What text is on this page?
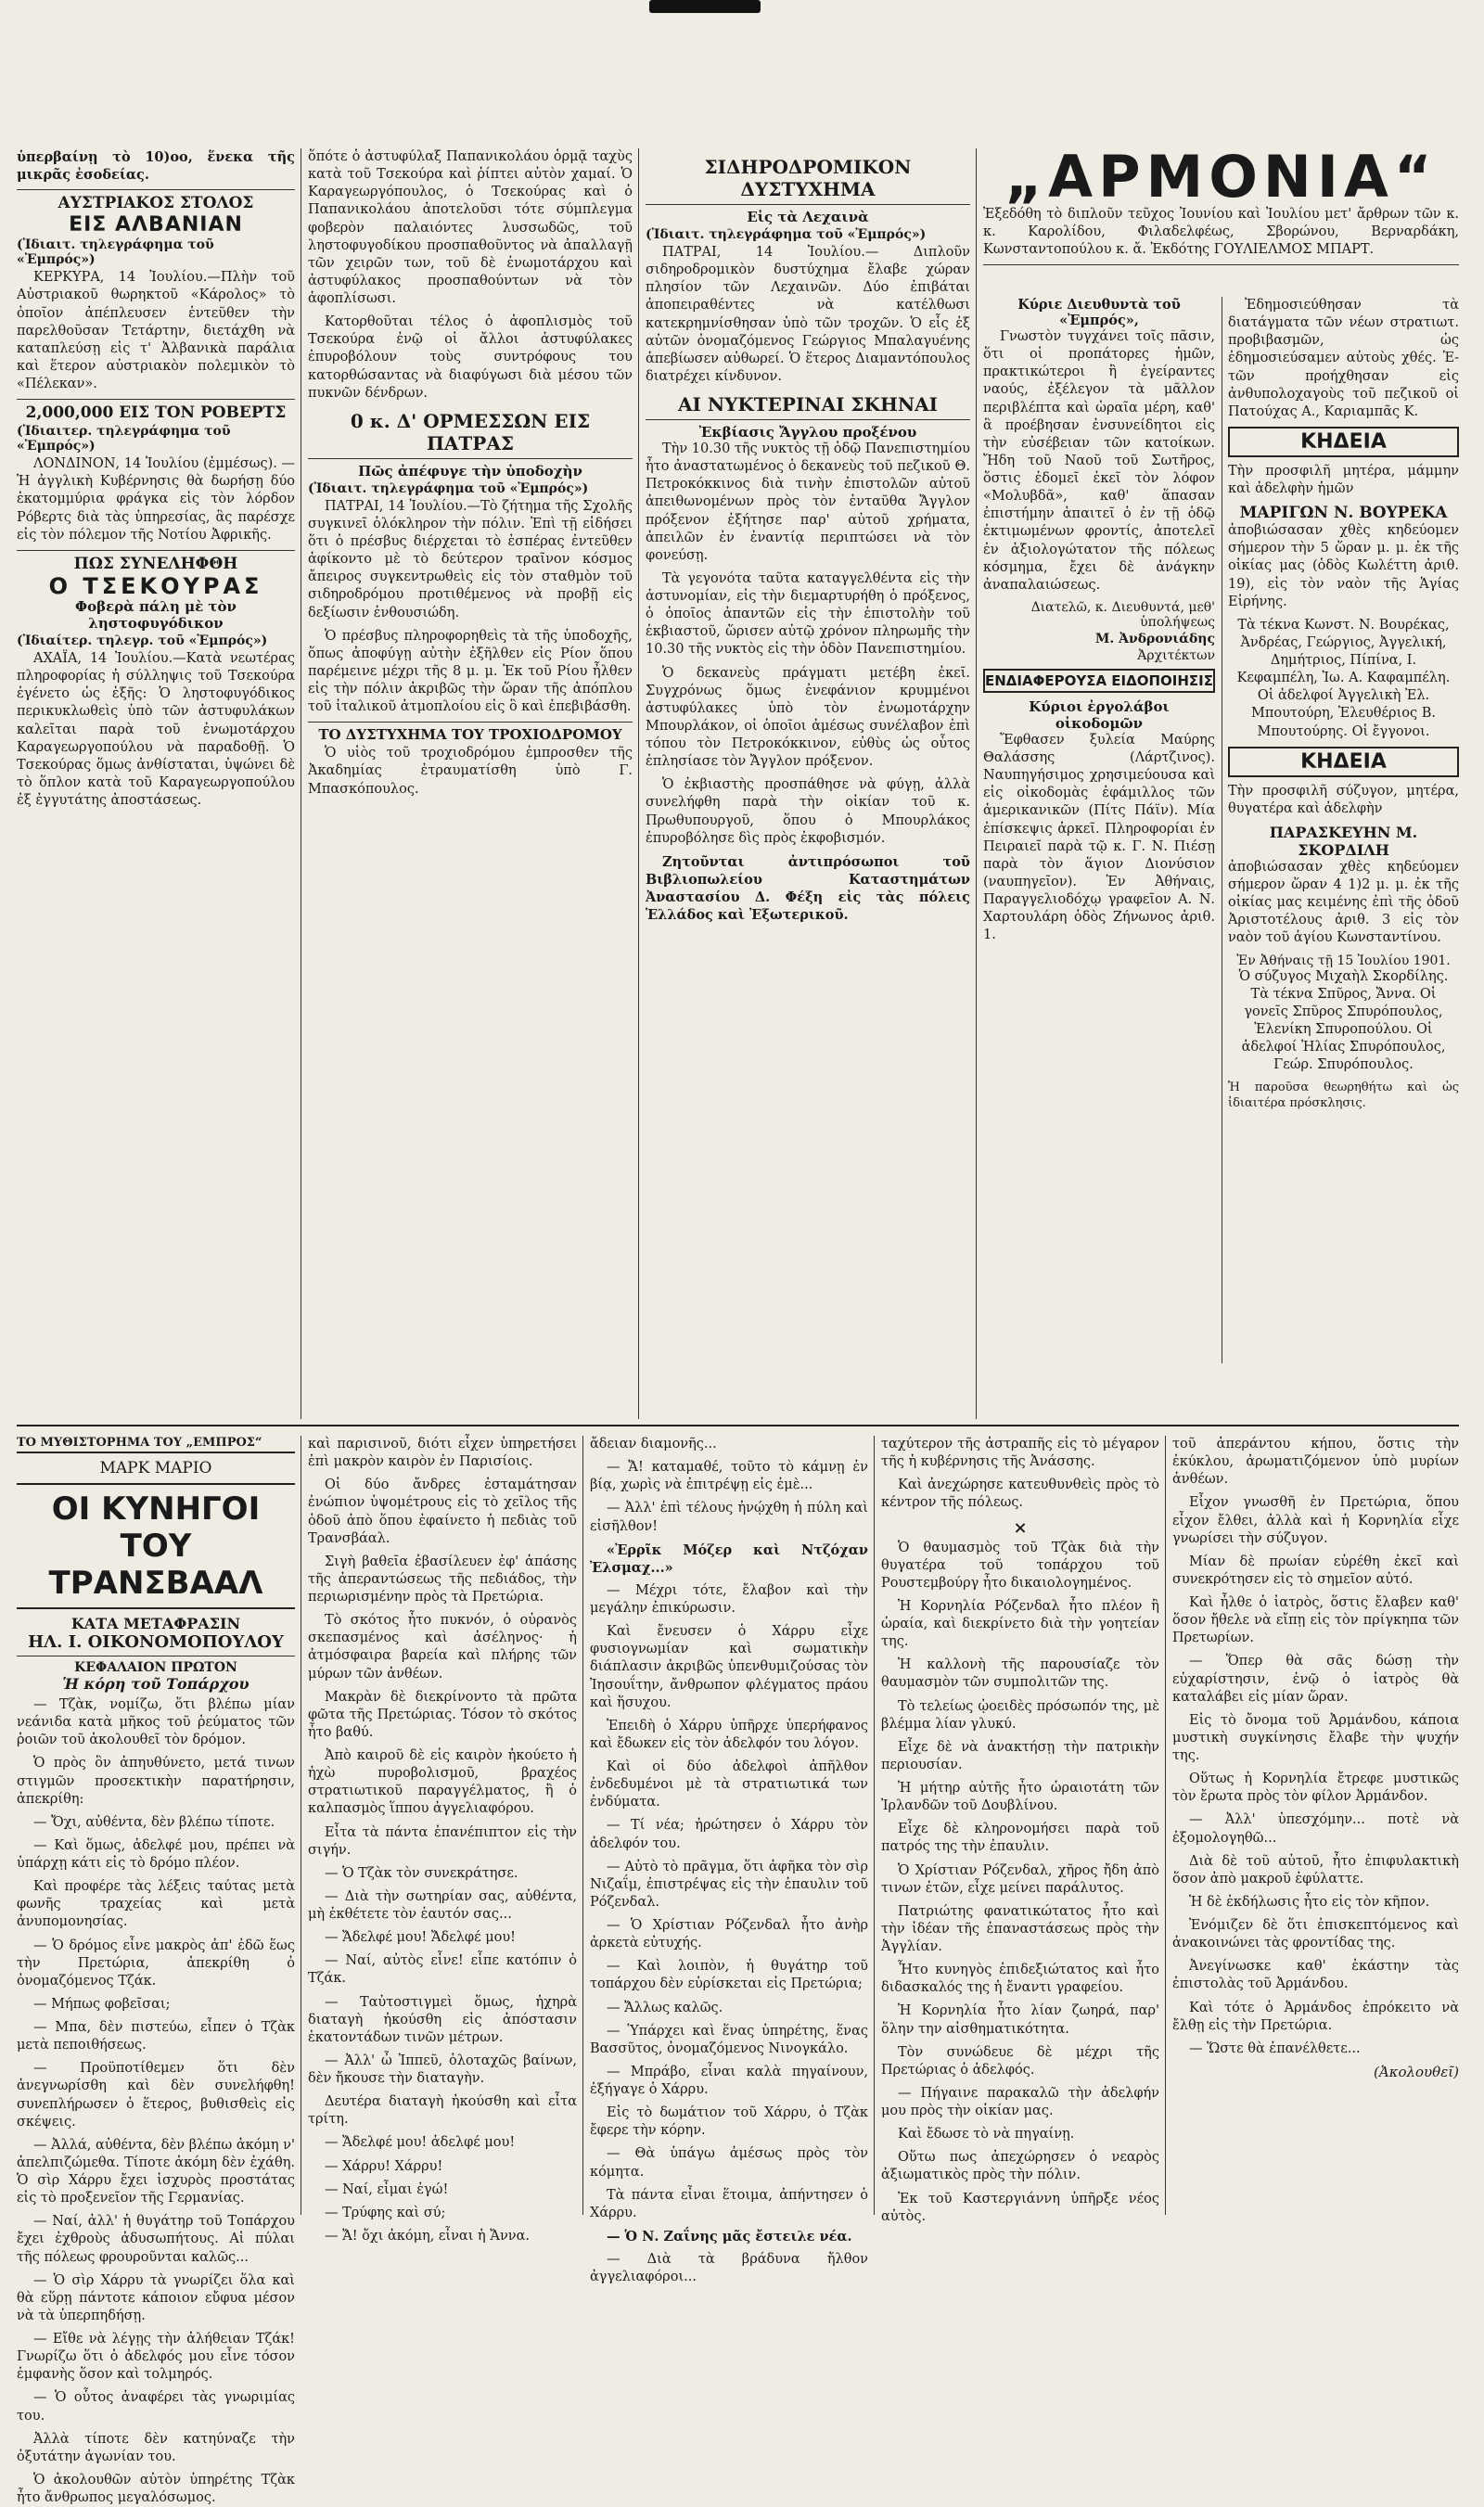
ὑπερβαίνῃ τὸ 10)οο, ἕνεκα τῆς μικρᾶς ἐσοδείας.

ΑΥΣΤΡΙΑΚΟΣ ΣΤΟΛΟΣ
ΕΙΣ ΑΛΒΑΝΙΑΝ
(Ἰδιαιτ. τηλεγράφημα τοῦ «Ἐμπρός»)

ΚΕΡΚΥΡΑ, 14 Ἰουλίου.—Πλὴν τοῦ Αὐστριακοῦ θωρηκτοῦ «Κάρολος» τὸ ὁποῖον ἀπέπλευσεν ἐντεῦθεν τὴν παρελθοῦσαν Τετάρτην, διετάχθη νὰ καταπλεύσῃ εἰς τ' Ἀλβανικὰ παράλια καὶ ἕτερον αὐστριακὸν πολεμικὸν τὸ «Πέλεκαν».

2,000,000 ΕΙΣ ΤΟΝ ΡΟΒΕΡΤΣ
(Ἰδιαιτερ. τηλεγράφημα τοῦ «Ἐμπρός»)

ΛΟΝΔΙΝΟΝ, 14 Ἰουλίου (ἐμμέσως). — Ἡ ἀγγλικὴ Κυβέρνησις θὰ δωρήσῃ δύο ἑκατομμύρια φράγκα εἰς τὸν λόρδον Ρόβερτς διὰ τὰς ὑπηρεσίας, ἃς παρέσχε εἰς τὸν πόλεμον τῆς Νοτίου Ἀφρικῆς.

ΠΩΣ ΣΥΝΕΛΗΦΘΗ
Ο ΤΣΕΚΟΥΡΑΣ
Φοβερὰ πάλη μὲ τὸν ληστοφυγόδικον
(Ἰδιαίτερ. τηλεγρ. τοῦ «Ἐμπρός»)

ΑΧΑΪΑ, 14 Ἰουλίου.—Κατὰ νεωτέρας πληροφορίας ἡ σύλληψις τοῦ Τσεκούρα ἐγένετο ὡς ἑξῆς: Ὁ ληστοφυγόδικος περικυκλωθεὶς ὑπὸ τῶν ἀστυφυλάκων καλεῖται παρὰ τοῦ ἐνωμοτάρχου Καραγεωργοπούλου νὰ παραδοθῇ. Ὁ Τσεκούρας ὅμως ἀνθίσταται, ὑψώνει δὲ τὸ ὅπλον κατὰ τοῦ Καραγεωργοπούλου ἐξ ἐγγυτάτης ἀποστάσεως.

ὅπότε ὁ ἀστυφύλαξ Παπανικολάου ὁρμᾷ ταχὺς κατὰ τοῦ Τσεκούρα καὶ ῥίπτει αὐτὸν χαμαί. Ὁ Καραγεωργόπουλος, ὁ Τσεκούρας καὶ ὁ Παπανικολάου ἀποτελοῦσι τότε σύμπλεγμα φοβερὸν παλαιόντες λυσσωδῶς, τοῦ ληστοφυγοδίκου προσπαθοῦντος νὰ ἀπαλλαγῇ τῶν χειρῶν των, τοῦ δὲ ἐνωμοτάρχου καὶ ἀστυφύλακος προσπαθούντων νὰ τὸν ἀφοπλίσωσι.

Κατορθοῦται τέλος ὁ ἀφοπλισμὸς τοῦ Τσεκούρα ἐνῷ οἱ ἄλλοι ἀστυφύλακες ἐπυροβόλουν τοὺς συντρόφους του κατορθώσαντας νὰ διαφύγωσι διὰ μέσου τῶν πυκνῶν δένδρων.

0 κ. Δ' ΟΡΜΕΣΣΩΝ ΕΙΣ ΠΑΤΡΑΣ
Πῶς ἀπέφυγε τὴν ὑποδοχὴν
(Ἰδιαιτ. τηλεγράφημα τοῦ «Ἐμπρός»)

ΠΑΤΡΑΙ, 14 Ἰουλίου.—Τὸ ζήτημα τῆς Σχολῆς συγκινεῖ ὁλόκληρον τὴν πόλιν. Ἐπὶ τῇ εἰδήσει ὅτι ὁ πρέσβυς διέρχεται τὸ ἑσπέρας ἐντεῦθεν ἀφίκοντο μὲ τὸ δεύτερον τραῖνον κόσμος ἄπειρος συγκεντρωθεὶς εἰς τὸν σταθμὸν τοῦ σιδηροδρόμου προτιθέμενος νὰ προβῇ εἰς δεξίωσιν ἐνθουσιώδη.

Ὁ πρέσβυς πληροφορηθεὶς τὰ τῆς ὑποδοχῆς, ὅπως ἀποφύγῃ αὐτὴν ἐξῆλθεν εἰς Ρίον ὅπου παρέμεινε μέχρι τῆς 8 μ. μ. Ἐκ τοῦ Ρίου ἦλθεν εἰς τὴν πόλιν ἀκριβῶς τὴν ὥραν τῆς ἀπόπλου τοῦ ἰταλικοῦ ἀτμοπλοίου εἰς ὃ καὶ ἐπεβιβάσθη.

ΤΟ ΔΥΣΤΥΧΗΜΑ ΤΟΥ ΤΡΟΧΙΟΔΡΟΜΟΥ

Ὁ υἱὸς τοῦ τροχιοδρόμου ἐμπροσθεν τῆς Ἀκαδημίας ἐτραυματίσθη ὑπὸ Γ. Μπασκόπουλος.

ΣΙΔΗΡΟΔΡΟΜΙΚΟΝ ΔΥΣΤΥΧΗΜΑ
Εἰς τὰ Λεχαινὰ
(Ἰδιαιτ. τηλεγράφημα τοῦ «Ἐμπρός»)

ΠΑΤΡΑΙ, 14 Ἰουλίου.— Διπλοῦν σιδηροδρομικὸν δυστύχημα ἔλαβε χώραν πλησίον τῶν Λεχαινῶν. Δύο ἐπιβάται ἀποπειραθέντες νὰ κατέλθωσι κατεκρημνίσθησαν ὑπὸ τῶν τροχῶν. Ὁ εἷς ἐξ αὐτῶν ὀνομαζόμενος Γεώργιος Μπαλαγυένης ἀπεβίωσεν αὐθωρεί. Ὁ ἕτερος Διαμαντόπουλος διατρέχει κίνδυνον.

ΑΙ ΝΥΚΤΕΡΙΝΑΙ ΣΚΗΝΑΙ
Ἐκβίασις Ἄγγλου προξένου

Τὴν 10.30 τῆς νυκτὸς τῇ ὁδῷ Πανεπιστημίου ἦτο ἀναστατωμένος ὁ δεκανεὺς τοῦ πεζικοῦ Θ. Πετροκόκκινος διὰ τινὴν ἐπιστολῶν αὐτοῦ ἀπειθωνομένων πρὸς τὸν ἐνταῦθα Ἄγγλον πρόξενον ἐξήτησε παρ' αὐτοῦ χρήματα, ἀπειλῶν ἐν ἐναντίᾳ περιπτώσει νὰ τὸν φονεύσῃ.

Τὰ γεγονότα ταῦτα καταγγελθέντα εἰς τὴν ἀστυνομίαν, εἰς τὴν διεμαρτυρήθη ὁ πρόξενος, ὁ ὁποῖος ἀπαντῶν εἰς τὴν ἐπιστολὴν τοῦ ἐκβιαστοῦ, ὥρισεν αὐτῷ χρόνον πληρωμῆς τὴν 10.30 τῆς νυκτὸς εἰς τὴν ὁδὸν Πανεπιστημίου.

Ὁ δεκανεὺς πράγματι μετέβη ἐκεῖ. Συγχρόνως ὅμως ἐνεφάνιον κρυμμένοι ἀστυφύλακες ὑπὸ τὸν ἐνωμοτάρχην Μπουρλάκον, οἱ ὁποῖοι ἀμέσως συνέλαβον ἐπὶ τόπου τὸν Πετροκόκκινον, εὐθὺς ὡς οὗτος ἐπλησίασε τὸν Ἄγγλον πρόξενον.

Ὁ ἐκβιαστὴς προσπάθησε νὰ φύγῃ, ἀλλὰ συνελήφθη παρὰ τὴν οἰκίαν τοῦ κ. Πρωθυπουργοῦ, ὅπου ὁ Μπουρλάκος ἐπυροβόλησε δὶς πρὸς ἐκφοβισμόν.

Ζητοῦνται ἀντιπρόσωποι τοῦ Βιβλιοπωλείου Καταστημάτων Ἀναστασίου Δ. Φέξη εἰς τὰς πόλεις Ἑλλάδος καὶ Ἐξωτερικοῦ.

„ΑΡΜΟΝΙΑ“

Ἐξεδόθη τὸ διπλοῦν τεῦχος Ἰουνίου καὶ Ἰουλίου μετ' ἄρθρων τῶν κ. κ. Καρολίδου, Φιλαδελφέως, Σβορώνου, Βερναρδάκη, Κωνσταντοπούλου κ. ἄ. Ἐκδότης ΓΟΥΛΙΕΛΜΟΣ ΜΠΑΡΤ.

Κύριε Διευθυντὰ τοῦ «Ἐμπρός»,

Γνωστὸν τυγχάνει τοῖς πᾶσιν, ὅτι οἱ προπάτορες ἡμῶν, πρακτικώτεροι ἢ ἐγείραντες ναούς, ἐξέλεγον τὰ μᾶλλον περιβλέπτα καὶ ὡραῖα μέρη, καθ' ἃ προέβησαν ἐνσυνείδητοι εἰς τὴν εὐσέβειαν τῶν κατοίκων. Ἤδη τοῦ Ναοῦ τοῦ Σωτῆρος, ὅστις ἐδομεῖ ἐκεῖ τὸν λόφον «Μολυβδᾶ», καθ' ἅπασαν ἐπιστήμην ἀπαιτεῖ ὁ ἐν τῇ ὁδῷ ἐκτιμωμένων φροντίς, ἀποτελεῖ ἐν ἀξιολογώτατον τῆς πόλεως κόσμημα, ἔχει δὲ ἀνάγκην ἀναπαλαιώσεως.

Διατελῶ, κ. Διευθυντά, μεθ' ὑπολήψεως
Μ. Ἀνδρονιάδης
Ἀρχιτέκτων
ΕΝΔΙΑΦΕΡΟΥΣΑ ΕΙΔΟΠΟΙΗΣΙΣ
Κύριοι ἐργολάβοι οἰκοδομῶν

Ἔφθασεν ξυλεία Μαύρης Θαλάσσης (Λάρτζινος). Ναυπηγήσιμος χρησιμεύουσα καὶ εἰς οἰκοδομὰς ἐφάμιλλος τῶν ἀμερικανικῶν (Πίτς Πάϊν). Μία ἐπίσκεψις ἀρκεῖ. Πληροφορίαι ἐν Πειραιεῖ παρὰ τῷ κ. Γ. Ν. Πιέσῃ παρὰ τὸν ἅγιον Διονύσιον (ναυπηγεῖον). Ἐν Ἀθήναις, Παραγγελιοδόχῳ γραφεῖον Α. Ν. Χαρτουλάρη ὁδὸς Ζήνωνος ἀριθ. 1.

Ἐδημοσιεύθησαν τὰ διατάγματα τῶν νέων στρατιωτ. προβιβασμῶν, ὡς ἐδημοσιεύσαμεν αὐτοὺς χθές. Ἐ-τῶν προήχθησαν εἰς ἀνθυπολοχαγοὺς τοῦ πεζικοῦ οἱ Πατούχας Α., Καριαμπᾶς Κ.

ΚΗΔΕΙΑ

Τὴν προσφιλῆ μητέρα, μάμμην καὶ ἀδελφὴν ἡμῶν

ΜΑΡΙΓΩΝ Ν. ΒΟΥΡΕΚΑ

ἀποβιώσασαν χθὲς κηδεύομεν σήμερον τὴν 5 ὥραν μ. μ. ἐκ τῆς οἰκίας μας (ὁδὸς Κωλέττη ἀριθ. 19), εἰς τὸν ναὸν τῆς Ἁγίας Εἰρήνης.

Τὰ τέκνα Κωνστ. Ν. Βουρέκας, Ἀνδρέας, Γεώργιος, Ἀγγελική, Δημήτριος, Πίπίνα, Ι. Κεφαμπέλη, Ἰω. Α. Καφαμπέλη. Οἱ ἀδελφοί Ἀγγελικὴ Ἐλ. Μπουτούρη, Ἐλευθέριος Β. Μπουτούρης. Οἱ ἔγγονοι.

ΚΗΔΕΙΑ

Τὴν προσφιλῆ σύζυγον, μητέρα, θυγατέρα καὶ ἀδελφὴν

ΠΑΡΑΣΚΕΥΗΝ Μ. ΣΚΟΡΔΙΛΗ

ἀποβιώσασαν χθὲς κηδεύομεν σήμερον ὥραν 4 1)2 μ. μ. ἐκ τῆς οἰκίας μας κειμένης ἐπὶ τῆς ὁδοῦ Ἀριστοτέλους ἀριθ. 3 εἰς τὸν ναὸν τοῦ ἁγίου Κωνσταντίνου.

Ἐν Ἀθήναις τῇ 15 Ἰουλίου 1901.

Ὁ σύζυγος Μιχαὴλ Σκορδίλης. Τὰ τέκνα Σπῦρος, Ἄννα. Οἱ γονεῖς Σπῦρος Σπυρόπουλος, Ἑλενίκη Σπυροπούλου. Οἱ ἀδελφοί Ἠλίας Σπυρόπουλος, Γεώρ. Σπυρόπουλος.

Ἡ παροῦσα θεωρηθήτω καὶ ὡς ἰδιαιτέρα πρόσκλησις.

ΤΟ ΜΥΘΙΣΤΟΡΗΜΑ ΤΟΥ „ΕΜΠΡΟΣ“
ΜΑΡΚ ΜΑΡΙΟ
ΟΙ ΚΥΝΗΓΟΙ ΤΟΥ ΤΡΑΝΣΒΑΑΛ
ΚΑΤΑ ΜΕΤΑΦΡΑΣΙΝ
ΗΛ. Ι. ΟΙΚΟΝΟΜΟΠΟΥΛΟΥ
ΚΕΦΑΛΑΙΟΝ ΠΡΩΤΟΝ
Ἡ κόρη τοῦ Τοπάρχου

— Τζὰκ, νομίζω, ὅτι βλέπω μίαν νεάνιδα κατὰ μῆκος τοῦ ῥεύματος τῶν ῥοιῶν τοῦ ἀκολουθεῖ τὸν δρόμον.

Ὁ πρὸς ὃν ἀπηυθύνετο, μετά τινων στιγμῶν προσεκτικὴν παρατήρησιν, ἀπεκρίθη:

— Ὄχι, αὐθέντα, δὲν βλέπω τίποτε.

— Καὶ ὅμως, ἀδελφέ μου, πρέπει νὰ ὑπάρχῃ κάτι εἰς τὸ δρόμο πλέον.

Καὶ προφέρε τὰς λέξεις ταύτας μετὰ φωνῆς τραχείας καὶ μετὰ ἀνυπομονησίας.

— Ὁ δρόμος εἶνε μακρὸς ἀπ' ἐδῶ ἕως τὴν Πρετώρια, ἀπεκρίθη ὁ ὀνομαζόμενος Τζάκ.

— Μήπως φοβεῖσαι;

— Μπα, δὲν πιστεύω, εἶπεν ὁ Τζὰκ μετὰ πεποιθήσεως.

— Προϋποτίθεμεν ὅτι δὲν ἀνεγνωρίσθη καὶ δὲν συνελήφθη! συνεπλήρωσεν ὁ ἕτερος, βυθισθεὶς εἰς σκέψεις.

— Ἀλλά, αὐθέντα, δὲν βλέπω ἀκόμη ν' ἀπελπιζώμεθα. Τίποτε ἀκόμη δὲν ἐχάθη. Ὁ σὶρ Χάρρυ ἔχει ἰσχυρὸς προστάτας εἰς τὸ προξενεῖον τῆς Γερμανίας.

— Ναί, ἀλλ' ἡ θυγάτηρ τοῦ Τοπάρχου ἔχει ἐχθροὺς ἀδυσωπήτους. Αἱ πύλαι τῆς πόλεως φρουροῦνται καλῶς...

— Ὁ σὶρ Χάρρυ τὰ γνωρίζει ὅλα καὶ θὰ εὕρῃ πάντοτε κάποιον εὔφυα μέσον νὰ τὰ ὑπερπηδήσῃ.

— Εἴθε νὰ λέγῃς τὴν ἀλήθειαν Τζάκ! Γνωρίζω ὅτι ὁ ἀδελφός μου εἶνε τόσον ἐμφανὴς ὅσον καὶ τολμηρός.

— Ὁ οὗτος ἀναφέρει τὰς γνωριμίας του.

Ἀλλὰ τίποτε δὲν κατηύναζε τὴν ὀξυτάτην ἀγωνίαν του.

Ὁ ἀκολουθῶν αὐτὸν ὑπηρέτης Τζὰκ ἦτο ἄνθρωπος μεγαλόσωμος.

καὶ παρισινοῦ, διότι εἶχεν ὑπηρετήσει ἐπὶ μακρὸν καιρὸν ἐν Παρισίοις.

Οἱ δύο ἄνδρες ἐσταμάτησαν ἐνώπιον ὑψομέτρους εἰς τὸ χεῖλος τῆς ὁδοῦ ἀπὸ ὅπου ἐφαίνετο ἡ πεδιὰς τοῦ Τρανσβάαλ.

Σιγὴ βαθεῖα ἐβασίλευεν ἐφ' ἁπάσης τῆς ἀπεραντώσεως τῆς πεδιάδος, τὴν περιωρισμένην πρὸς τὰ Πρετώρια.

Τὸ σκότος ἦτο πυκνόν, ὁ οὐρανὸς σκεπασμένος καὶ ἀσέληνος· ἡ ἀτμόσφαιρα βαρεία καὶ πλήρης τῶν μύρων τῶν ἀνθέων.

Μακρὰν δὲ διεκρίνοντο τὰ πρῶτα φῶτα τῆς Πρετώριας. Τόσον τὸ σκότος ἦτο βαθύ.

Ἀπὸ καιροῦ δὲ εἰς καιρὸν ἠκούετο ἡ ἠχὼ πυροβολισμοῦ, βραχέος στρατιωτικοῦ παραγγέλματος, ἢ ὁ καλπασμὸς ἵππου ἀγγελιαφόρου.

Εἶτα τὰ πάντα ἐπανέπιπτον εἰς τὴν σιγήν.

— Ὁ Τζὰκ τὸν συνεκράτησε.

— Διὰ τὴν σωτηρίαν σας, αὐθέντα, μὴ ἐκθέτετε τὸν ἑαυτόν σας...

— Ἄδελφέ μου! Ἄδελφέ μου!

— Ναί, αὐτὸς εἶνε! εἶπε κατόπιν ὁ Τζάκ.

— Ταὐτοστιγμεὶ ὅμως, ἠχηρὰ διαταγὴ ἠκούσθη εἰς ἀπόστασιν ἑκατοντάδων τινῶν μέτρων.

— Ἀλλ' ὦ Ἰππεῦ, ὁλοταχῶς βαίνων, δὲν ἤκουσε τὴν διαταγὴν.

Δευτέρα διαταγὴ ἠκούσθη καὶ εἶτα τρίτη.

— Ἄδελφέ μου! ἀδελφέ μου!

— Χάρρυ! Χάρρυ!

— Ναί, εἶμαι ἐγώ!

— Τρύφης καὶ σύ;

— Ἄ! ὄχι ἀκόμη, εἶναι ἡ Ἄννα.

ἄδειαν διαμονῆς...

— Ἄ! καταμαθέ, τοῦτο τὸ κάμνῃ ἐν βίᾳ, χωρὶς νὰ ἐπιτρέψῃ εἰς ἐμὲ...

— Ἀλλ' ἐπὶ τέλους ἠνῴχθη ἡ πύλη καὶ εἰσῆλθον!

«Ἐρρῖκ Μόζερ καὶ Ντζόχαν Ἐλσμαχ...»

— Μέχρι τότε, ἔλαβον καὶ τὴν μεγάλην ἐπικύρωσιν.

Καὶ ἔνευσεν ὁ Χάρρυ εἶχε φυσιογνωμίαν καὶ σωματικὴν διάπλασιν ἀκριβῶς ὑπενθυμιζούσας τὸν Ἰησουΐτην, ἄνθρωπον φλέγματος πράου καὶ ἥσυχου.

Ἐπειδὴ ὁ Χάρρυ ὑπῆρχε ὑπερήφανος καὶ ἔδωκεν εἰς τὸν ἀδελφόν του λόγον.

Καὶ οἱ δύο ἀδελφοὶ ἀπῆλθον ἐνδεδυμένοι μὲ τὰ στρατιωτικά των ἐνδύματα.

— Τί νέα; ἠρώτησεν ὁ Χάρρυ τὸν ἀδελφόν του.

— Αὐτὸ τὸ πρᾶγμα, ὅτι ἀφῆκα τὸν σὶρ Νιζαΐμ, ἐπιστρέψας εἰς τὴν ἐπαυλιν τοῦ Ρόζενδαλ.

— Ὁ Χρίστιαν Ρόζενδαλ ἦτο ἀνὴρ ἀρκετὰ εὐτυχής.

— Καὶ λοιπὸν, ἡ θυγάτηρ τοῦ τοπάρχου δὲν εὑρίσκεται εἰς Πρετώρια;

— Ἄλλως καλῶς.

— Ὑπάρχει καὶ ἕνας ὑπηρέτης, ἕνας Βασσῦτος, ὀνομαζόμενος Νινογκάλο.

— Μπράβο, εἶναι καλὰ πηγαίνουν, ἐξήγαγε ὁ Χάρρυ.

Εἰς τὸ δωμάτιον τοῦ Χάρρυ, ὁ Τζὰκ ἔφερε τὴν κόρην.

— Θὰ ὑπάγω ἀμέσως πρὸς τὸν κόμητα.

Τὰ πάντα εἶναι ἕτοιμα, ἀπήντησεν ὁ Χάρρυ.

— Ὁ Ν. Ζαΐνης μᾶς ἔστειλε νέα.

— Διὰ τὰ βράδυνα ἤλθον ἀγγελιαφόροι...

ταχύτερον τῆς ἀστραπῆς εἰς τὸ μέγαρον τῆς ἡ κυβέρνησις τῆς Ἀνάσσης.

Καὶ ἀνεχώρησε κατευθυνθεὶς πρὸς τὸ κέντρον τῆς πόλεως.

×

Ὁ θαυμασμὸς τοῦ Τζὰκ διὰ τὴν θυγατέρα τοῦ τοπάρχου τοῦ Ρουστεμβούργ ἦτο δικαιολογημένος.

Ἡ Κορνηλία Ρόζενδαλ ἦτο πλέον ἢ ὡραία, καὶ διεκρίνετο διὰ τὴν γοητείαν της.

Ἡ καλλονὴ τῆς παρουσίαζε τὸν θαυμασμὸν τῶν συμπολιτῶν της.

Τὸ τελείως ᾠοειδὲς πρόσωπόν της, μὲ βλέμμα λίαν γλυκύ.

Εἶχε δὲ νὰ ἀνακτήσῃ τὴν πατρικὴν περιουσίαν.

Ἡ μήτηρ αὐτῆς ἦτο ὡραιοτάτη τῶν Ἰρλανδῶν τοῦ Δουβλίνου.

Εἶχε δὲ κληρονομήσει παρὰ τοῦ πατρός της τὴν ἐπαυλιν.

Ὁ Χρίστιαν Ρόζενδαλ, χῆρος ἤδη ἀπὸ τινων ἐτῶν, εἶχε μείνει παράλυτος.

Πατριώτης φανατικώτατος ἦτο καὶ τὴν ἰδέαν τῆς ἐπαναστάσεως πρὸς τὴν Ἀγγλίαν.

Ἦτο κυνηγὸς ἐπιδεξιώτατος καὶ ἦτο διδασκαλός της ἡ ἔναντι γραφείου.

Ἡ Κορνηλία ἦτο λίαν ζωηρά, παρ' ὅλην την αἰσθηματικότητα.

Τὸν συνώδευε δὲ μέχρι τῆς Πρετώριας ὁ ἀδελφός.

— Πήγαινε παρακαλῶ τὴν ἀδελφήν μου πρὸς τὴν οἰκίαν μας.

Καὶ ἔδωσε τὸ νὰ πηγαίνῃ.

Οὕτω πως ἀπεχώρησεν ὁ νεαρὸς ἀξιωματικὸς πρὸς τὴν πόλιν.

Ἐκ τοῦ Καστεργιάννη ὑπῆρξε νέος αὐτὸς.

τοῦ ἀπεράντου κήπου, ὅστις τὴν ἐκύκλου, ἀρωματιζόμενον ὑπὸ μυρίων ἀνθέων.

Εἶχον γνωσθῆ ἐν Πρετώρια, ὅπου εἶχον ἔλθει, ἀλλὰ καὶ ἡ Κορνηλία εἶχε γνωρίσει τὴν σύζυγον.

Μίαν δὲ πρωίαν εὑρέθη ἐκεῖ καὶ συνεκρότησεν εἰς τὸ σημεῖον αὐτό.

Καὶ ἦλθε ὁ ἰατρὸς, ὅστις ἔλαβεν καθ' ὅσον ἤθελε νὰ εἴπῃ εἰς τὸν πρίγκηπα τῶν Πρετωρίων.

— Ὅπερ θὰ σᾶς δώσῃ τὴν εὐχαρίστησιν, ἐνῷ ὁ ἰατρὸς θὰ καταλάβει εἰς μίαν ὥραν.

Εἰς τὸ ὄνομα τοῦ Ἀρμάνδου, κάποια μυστικὴ συγκίνησις ἔλαβε τὴν ψυχήν της.

Οὕτως ἡ Κορνηλία ἔτρεφε μυστικῶς τὸν ἔρωτα πρὸς τὸν φίλον Ἀρμάνδον.

— Ἀλλ' ὑπεσχόμην... ποτὲ νὰ ἐξομολογηθῶ...

Διὰ δὲ τοῦ αὐτοῦ, ἦτο ἐπιφυλακτικὴ ὅσον ἀπὸ μακροῦ ἐφύλαττε.

Ἡ δὲ ἐκδήλωσις ἦτο εἰς τὸν κῆπον.

Ἐνόμιζεν δὲ ὅτι ἐπισκεπτόμενος καὶ ἀνακοινώνει τὰς φροντίδας της.

Ἀνεγίνωσκε καθ' ἑκάστην τὰς ἐπιστολὰς τοῦ Ἀρμάνδου.

Καὶ τότε ὁ Ἀρμάνδος ἐπρόκειτο νὰ ἔλθῃ εἰς τὴν Πρετώρια.

— Ὥστε θὰ ἐπανέλθετε...

(Ἀκολουθεῖ)
